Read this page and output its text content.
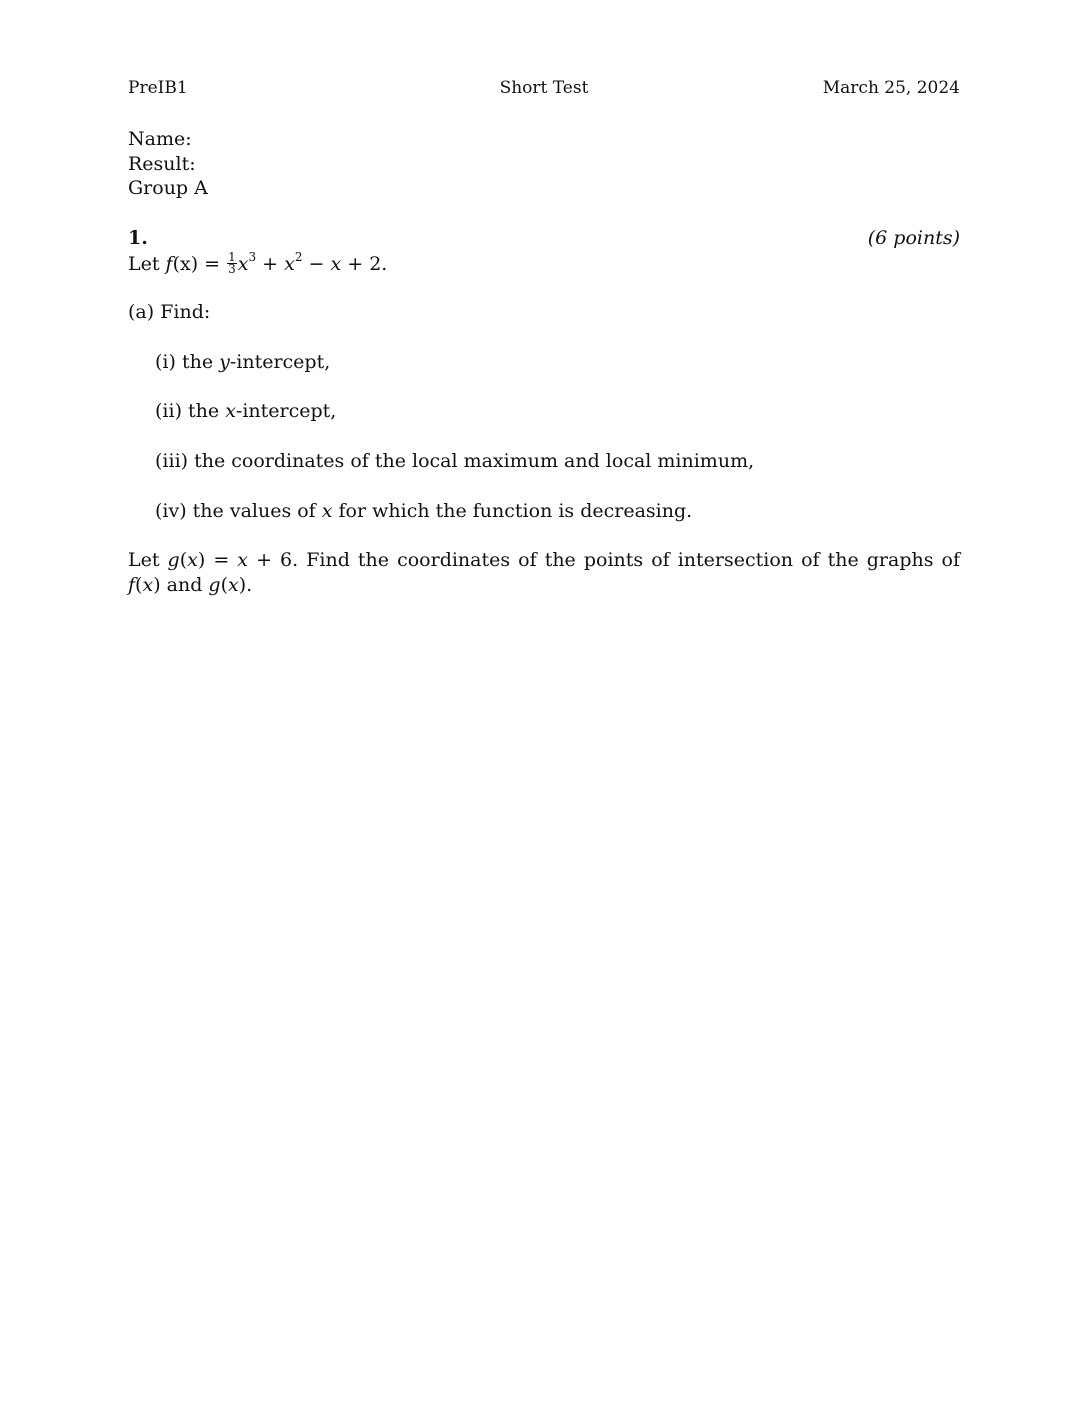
PreIB1	Short Test	March 25, 2024
Name:
Result:
Group A
1.	(6 points)
Let $f(x) = \frac{1}{3} x^3 + x^2 - x + 2$.
(a) Find:
(i) the y-intercept,
(ii) the x-intercept,
(iii) the coordinates of the local maximum and local minimum,
(iv) the values of x for which the function is decreasing.
Let g(x) = x + 6. Find the coordinates of the points of intersection of the graphs of f(x) and g(x).
